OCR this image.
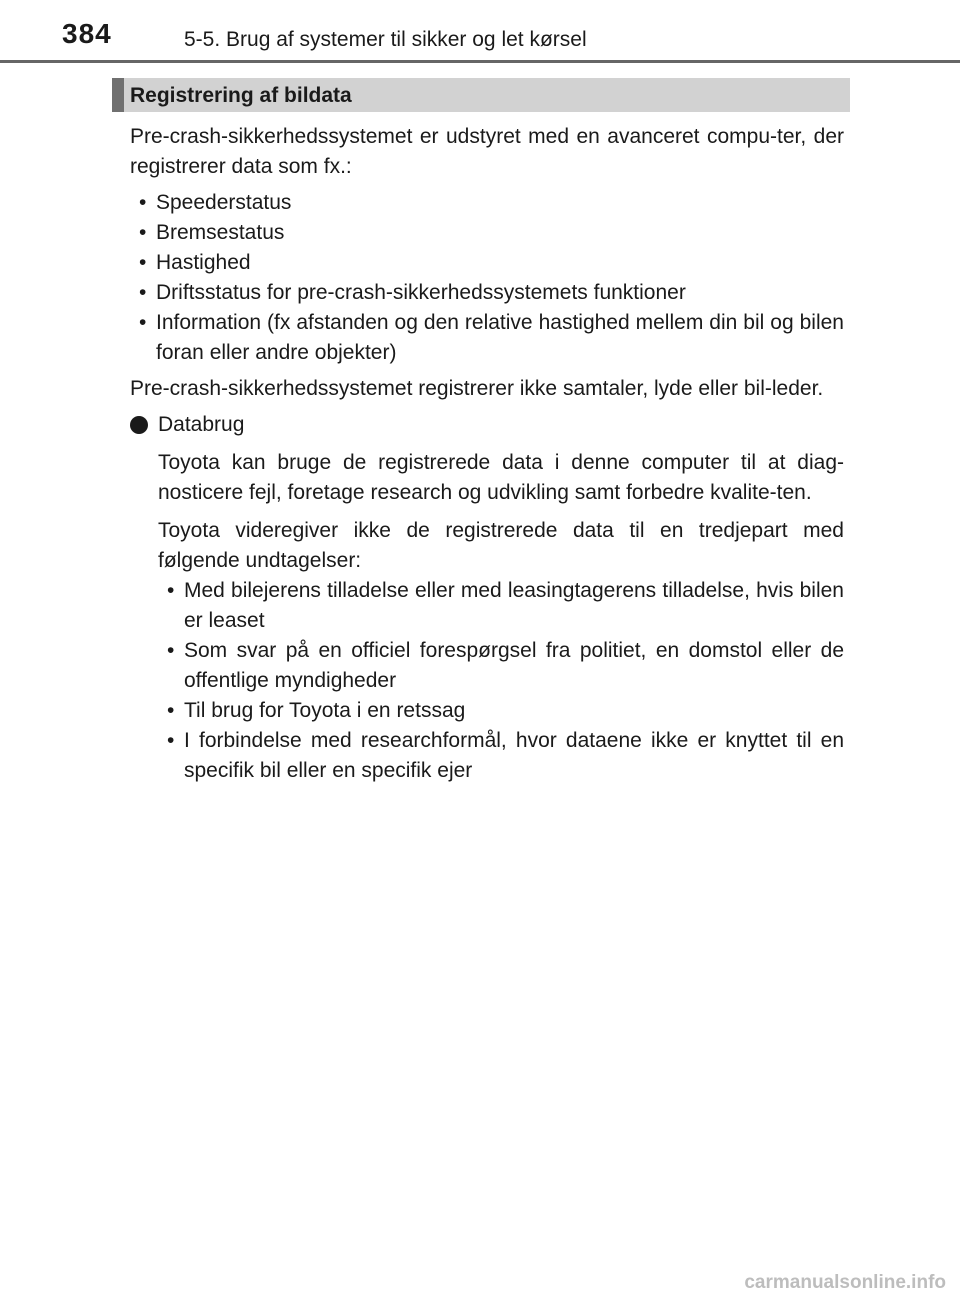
384	5-5. Brug af systemer til sikker og let kørsel
Registrering af bildata

Pre-crash-sikkerhedssystemet er udstyret med en avanceret compu-ter, der registrerer data som fx.:

• Speederstatus
• Bremsestatus
• Hastighed
• Driftsstatus for pre-crash-sikkerhedssystemets funktioner
• Information (fx afstanden og den relative hastighed mellem din bil og bilen foran eller andre objekter)

Pre-crash-sikkerhedssystemet registrerer ikke samtaler, lyde eller bil-leder.

Databrug

Toyota kan bruge de registrerede data i denne computer til at diag-nosticere fejl, foretage research og udvikling samt forbedre kvalite-ten.

Toyota videregiver ikke de registrerede data til en tredjepart med følgende undtagelser:

• Med bilejerens tilladelse eller med leasingtagerens tilladelse, hvis bilen er leaset
• Som svar på en officiel forespørgsel fra politiet, en domstol eller de offentlige myndigheder
• Til brug for Toyota i en retssag
• I forbindelse med researchformål, hvor dataene ikke er knyttet til en specifik bil eller en specifik ejer
carmanualsonline.info
